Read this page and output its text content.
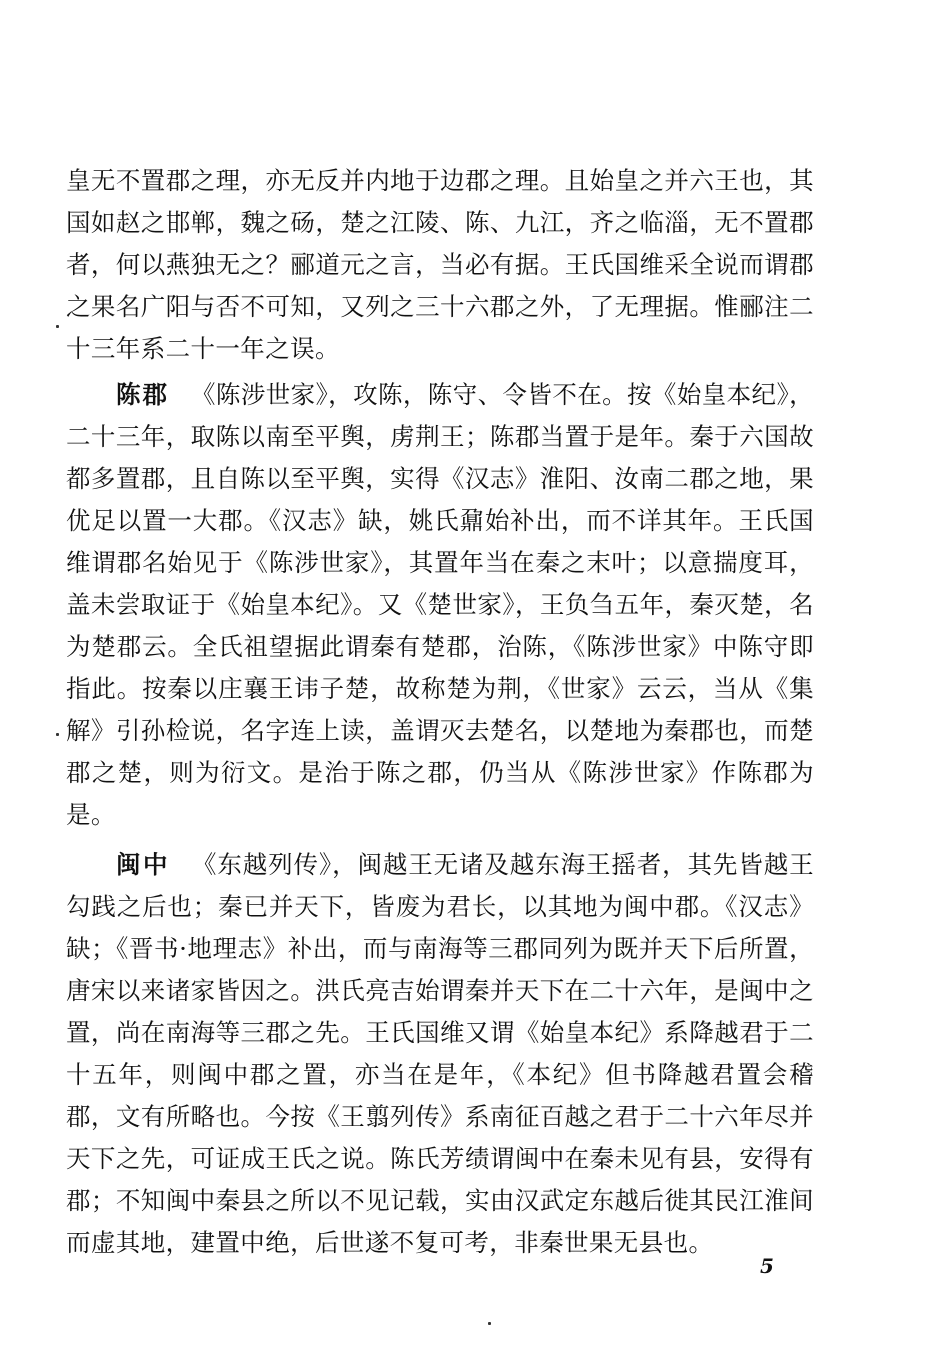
皇无不置郡之理，亦无反并内地于边郡之理。且始皇之并六王也，其国如赵之邯郸，魏之砀，楚之江陵、陈、九江，齐之临淄，无不置郡者，何以燕独无之？郦道元之言，当必有据。王氏国维采全说而谓郡之果名广阳与否不可知，又列之三十六郡之外，了无理据。惟郦注二十三年系二十一年之误。

陈郡 《陈涉世家》，攻陈，陈守、令皆不在。按《始皇本纪》，二十三年，取陈以南至平舆，虏荆王；陈郡当置于是年。秦于六国故都多置郡，且自陈以至平舆，实得《汉志》淮阳、汝南二郡之地，果优足以置一大郡。《汉志》缺，姚氏鼐始补出，而不详其年。王氏国维谓郡名始见于《陈涉世家》，其置年当在秦之末叶；以意揣度耳，盖未尝取证于《始皇本纪》。又《楚世家》，王负刍五年，秦灭楚，名为楚郡云。全氏祖望据此谓秦有楚郡，治陈，《陈涉世家》中陈守即指此。按秦以庄襄王讳子楚，故称楚为荆，《世家》云云，当从《集解》引孙检说，名字连上读，盖谓灭去楚名，以楚地为秦郡也，而楚郡之楚，则为衍文。是治于陈之郡，仍当从《陈涉世家》作陈郡为是。

闽中 《东越列传》，闽越王无诸及越东海王摇者，其先皆越王勾践之后也；秦已并天下，皆废为君长，以其地为闽中郡。《汉志》缺；《晋书·地理志》补出，而与南海等三郡同列为既并天下后所置，唐宋以来诸家皆因之。洪氏亮吉始谓秦并天下在二十六年，是闽中之置，尚在南海等三郡之先。王氏国维又谓《始皇本纪》系降越君于二十五年，则闽中郡之置，亦当在是年，《本纪》但书降越君置会稽郡，文有所略也。今按《王翦列传》系南征百越之君于二十六年尽并天下之先，可证成王氏之说。陈氏芳绩谓闽中在秦未见有县，安得有郡；不知闽中秦县之所以不见记载，实由汉武定东越后徙其民江淮间而虚其地，建置中绝，后世遂不复可考，非秦世果无县也。

5
